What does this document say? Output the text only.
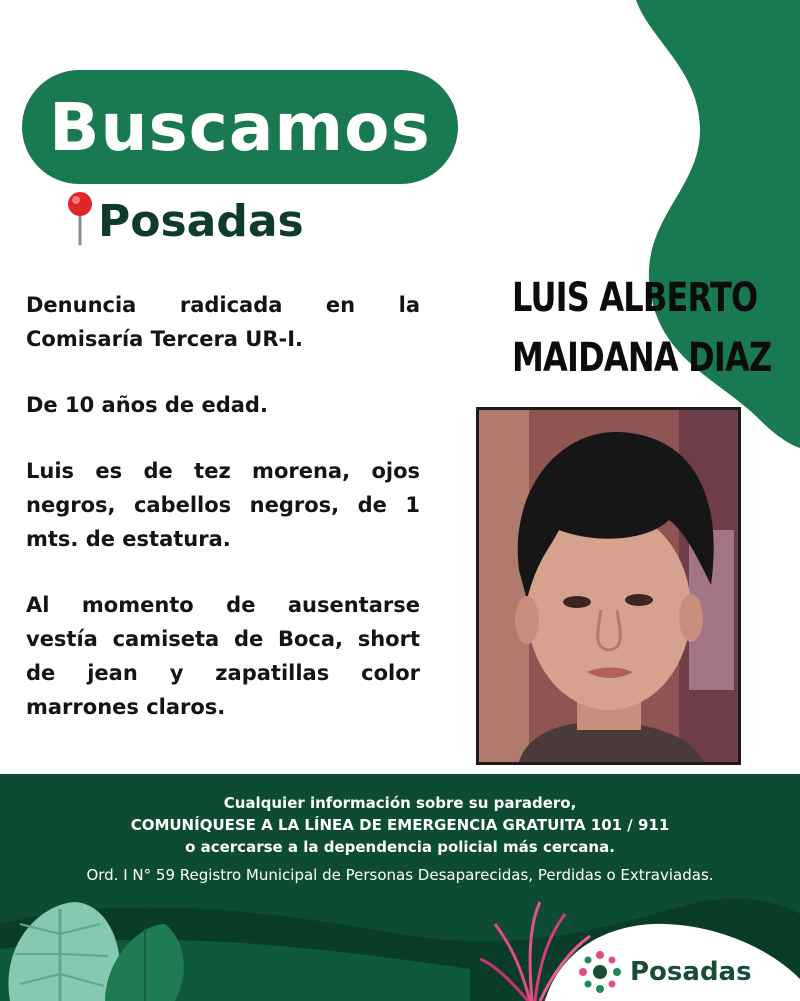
Buscamos
Posadas
LUIS ALBERTO
MAIDANA DIAZ

Denuncia radicada en la Comisaría Tercera UR-I.

De 10 años de edad.

Luis es de tez morena, ojos negros, cabellos negros, de 1 mts. de estatura.

Al momento de ausentarse vestía camiseta de Boca, short de jean y zapatillas color marrones claros.

Cualquier información sobre su paradero,
COMUNÍQUESE A LA LÍNEA DE EMERGENCIA GRATUITA 101 / 911
o acercarse a la dependencia policial más cercana.
Ord. I N° 59 Registro Municipal de Personas Desaparecidas, Perdidas o Extraviadas.
Posadas
